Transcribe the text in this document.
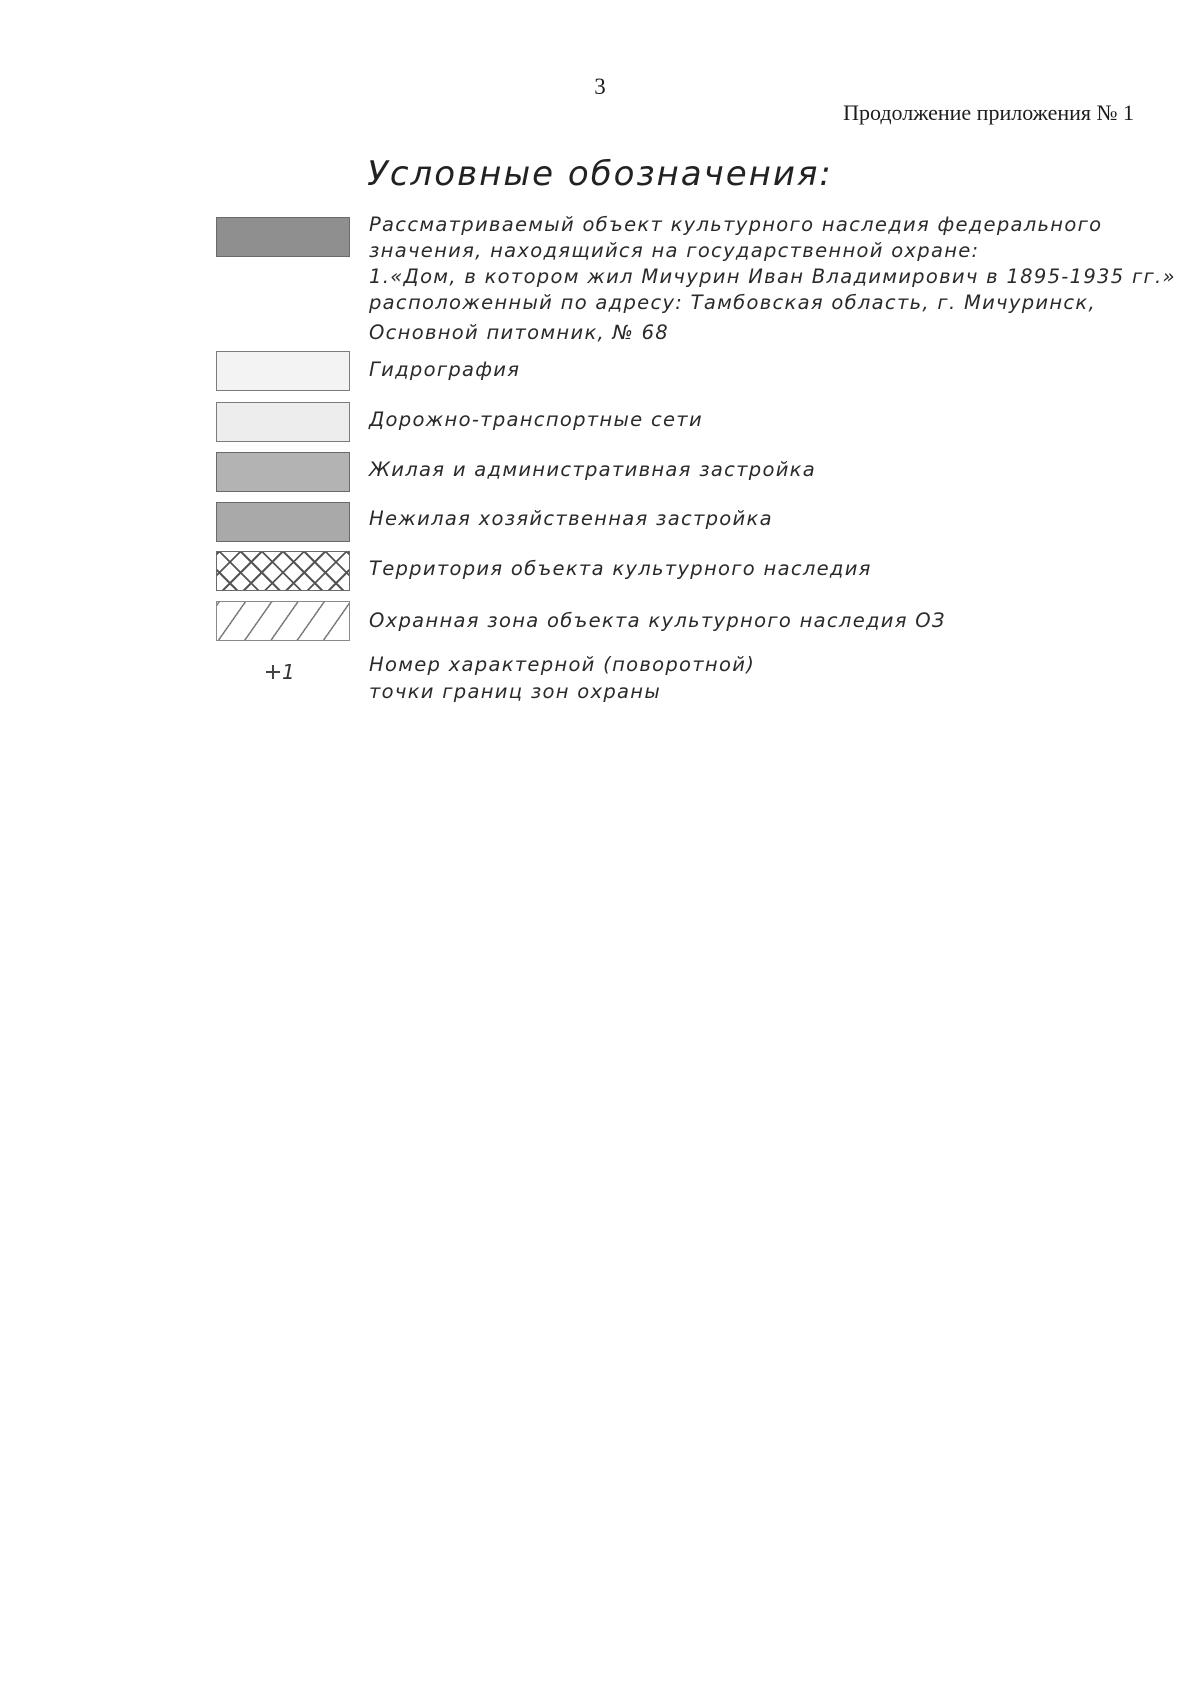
3
Продолжение приложения № 1
Условные обозначения:
Рассматриваемый объект культурного наследия федерального
значения, находящийся на государственной охране:
1.«Дом, в котором жил Мичурин Иван Владимирович в 1895-1935 гг.»
расположенный по адресу: Тамбовская область, г. Мичуринск,
Основной питомник, № 68
Гидрография
Дорожно-транспортные сети
Жилая и административная застройка
Нежилая хозяйственная застройка
Территория объекта культурного наследия
Охранная зона объекта культурного наследия ОЗ
1	Номер характерной (поворотной)
точки границ зон охраны
